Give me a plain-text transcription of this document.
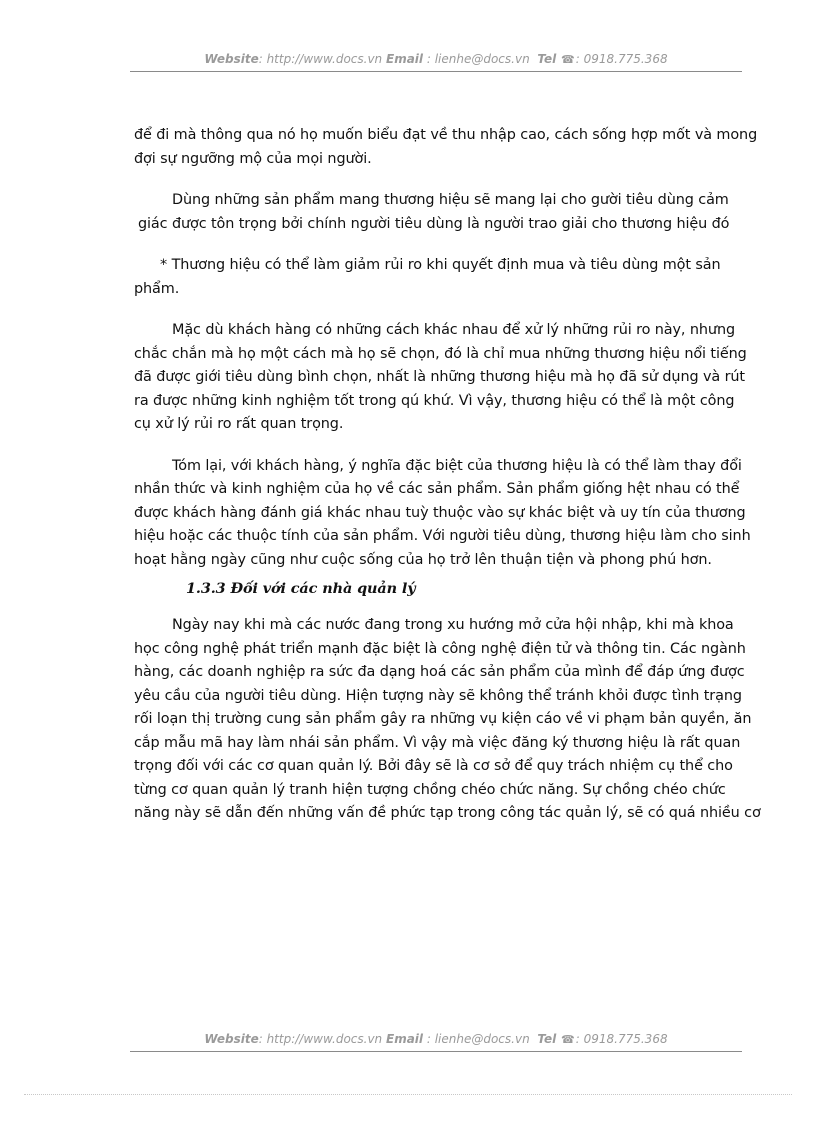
Website: http://www.docs.vn Email : lienhe@docs.vn Tel ☎: 0918.775.368
để đi mà thông qua nó họ muốn biểu đạt về thu nhập cao, cách sống hợp mốt và mong
đợi sự ngưỡng mộ của mọi người.
Dùng những sản phẩm mang thương hiệu sẽ mang lại cho gười tiêu dùng cảm
giác được tôn trọng bởi chính người tiêu dùng là người trao giải cho thương hiệu đó
* Thương hiệu có thể làm giảm rủi ro khi quyết định mua và tiêu dùng một sản
phẩm.
Mặc dù khách hàng có những cách khác nhau để xử lý những rủi ro này, nhưng
chắc chắn mà họ một cách mà họ sẽ chọn, đó là chỉ mua những thương hiệu nổi tiếng
đã được giới tiêu dùng bình chọn, nhất là những thương hiệu mà họ đã sử dụng và rút
ra được những kinh nghiệm tốt trong qú khứ. Vì vậy, thương hiệu có thể là một công
cụ xử lý rủi ro rất quan trọng.
Tóm lại, với khách hàng, ý nghĩa đặc biệt của thương hiệu là có thể làm thay đổi
nhần thức và kinh nghiệm của họ về các sản phẩm. Sản phẩm giống hệt nhau có thể
được khách hàng đánh giá khác nhau tuỳ thuộc vào sự khác biệt và uy tín của thương
hiệu hoặc các thuộc tính của sản phẩm. Với người tiêu dùng, thương hiệu làm cho sinh
hoạt hằng ngày cũng như cuộc sống của họ trở lên thuận tiện và phong phú hơn.
1.3.3 Đối với các nhà quản lý
Ngày nay khi mà các nước đang trong xu hướng mở cửa hội nhập, khi mà khoa
học công nghệ phát triển mạnh đặc biệt là công nghệ điện tử và thông tin. Các ngành
hàng, các doanh nghiệp ra sức đa dạng hoá các sản phẩm của mình để đáp ứng được
yêu cầu của người tiêu dùng. Hiện tượng này sẽ không thể tránh khỏi được tình trạng
rối loạn thị trường cung sản phẩm gây ra những vụ kiện cáo về vi phạm bản quyền, ăn
cắp mẫu mã hay làm nhái sản phẩm. Vì vậy mà việc đăng ký thương hiệu là rất quan
trọng đối với các cơ quan quản lý. Bởi đây sẽ là cơ sở để quy trách nhiệm cụ thể cho
từng cơ quan quản lý tranh hiện tượng chồng chéo chức năng. Sự chồng chéo chức
năng này sẽ dẫn đến những vấn đề phức tạp trong công tác quản lý, sẽ có quá nhiều cơ
Website: http://www.docs.vn Email : lienhe@docs.vn Tel ☎: 0918.775.368
